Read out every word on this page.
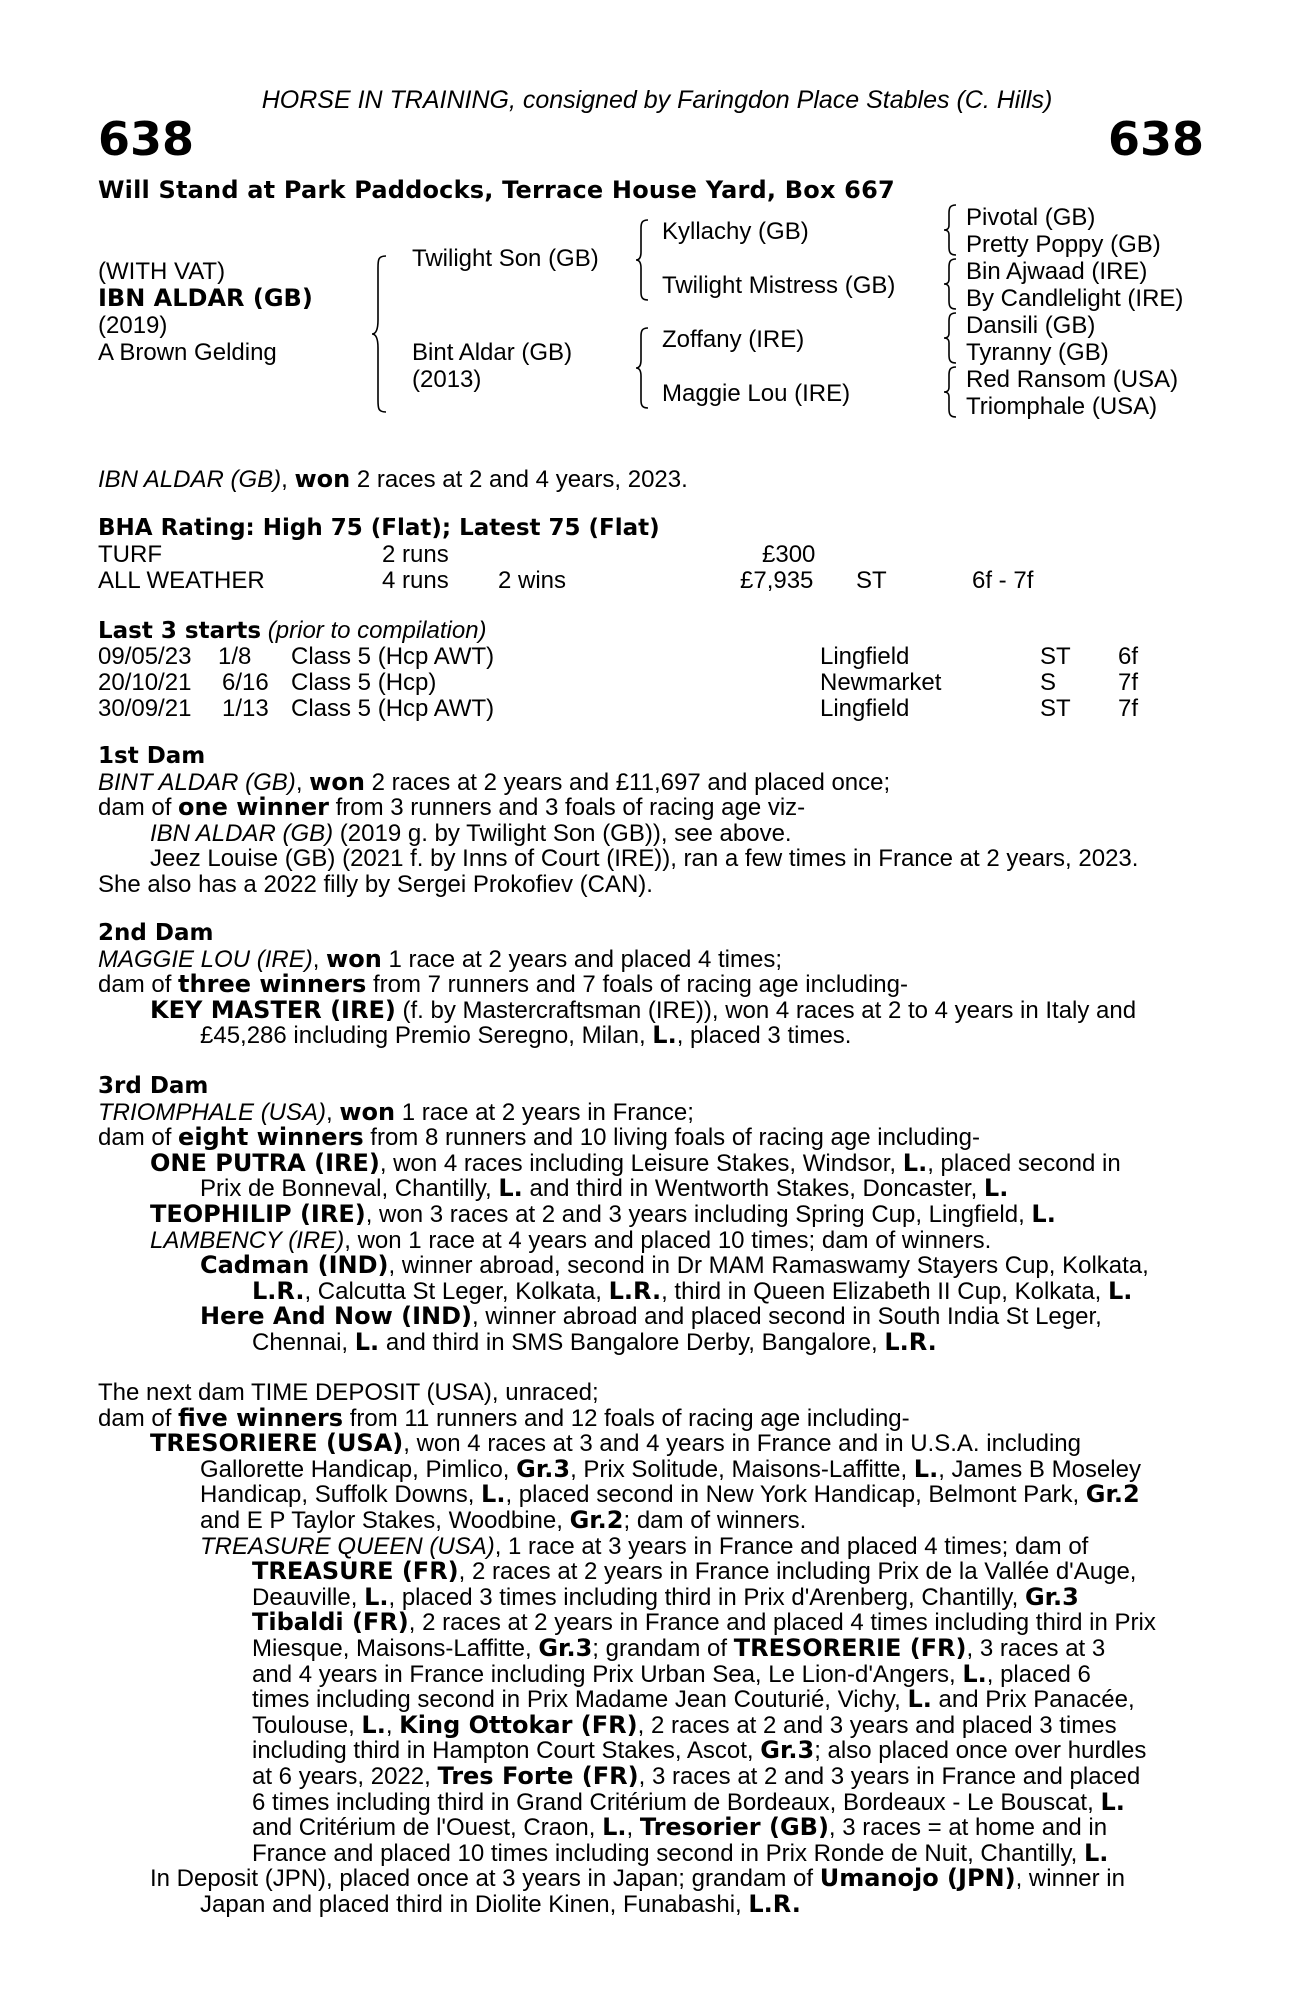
HORSE IN TRAINING, consigned by Faringdon Place Stables (C. Hills)
638	638
Will Stand at Park Paddocks, Terrace House Yard, Box 667
(WITH VAT)
IBN ALDAR (GB)
(2019)
A Brown Gelding
Twilight Son (GB)
Bint Aldar (GB)
(2013)
Kyllachy (GB)
Twilight Mistress (GB)
Zoffany (IRE)
Maggie Lou (IRE)
Pivotal (GB)
Pretty Poppy (GB)
Bin Ajwaad (IRE)
By Candlelight (IRE)
Dansili (GB)
Tyranny (GB)
Red Ransom (USA)
Triomphale (USA)
IBN ALDAR (GB), won 2 races at 2 and 4 years, 2023.
BHA Rating: High 75 (Flat); Latest 75 (Flat)
TURF	2 runs	£300
ALL WEATHER	4 runs 2 wins	£7,935 ST	6f - 7f
Last 3 starts (prior to compilation)
09/05/23 1/8 Class 5 (Hcp AWT)	Lingfield	ST 6f
20/10/21 6/16 Class 5 (Hcp)	Newmarket	S	7f
30/09/21 1/13 Class 5 (Hcp AWT)	Lingfield	ST 7f
1st Dam
BINT ALDAR (GB), won 2 races at 2 years and £11,697 and placed once;
dam of one winner from 3 runners and 3 foals of racing age viz-
IBN ALDAR (GB) (2019 g. by Twilight Son (GB)), see above.
Jeez Louise (GB) (2021 f. by Inns of Court (IRE)), ran a few times in France at 2 years, 2023.
She also has a 2022 filly by Sergei Prokofiev (CAN).
2nd Dam
MAGGIE LOU (IRE), won 1 race at 2 years and placed 4 times;
dam of three winners from 7 runners and 7 foals of racing age including-
KEY MASTER (IRE) (f. by Mastercraftsman (IRE)), won 4 races at 2 to 4 years in Italy and
£45,286 including Premio Seregno, Milan, L., placed 3 times.
3rd Dam
TRIOMPHALE (USA), won 1 race at 2 years in France;
dam of eight winners from 8 runners and 10 living foals of racing age including-
ONE PUTRA (IRE), won 4 races including Leisure Stakes, Windsor, L., placed second in
Prix de Bonneval, Chantilly, L. and third in Wentworth Stakes, Doncaster, L.
TEOPHILIP (IRE), won 3 races at 2 and 3 years including Spring Cup, Lingfield, L.
LAMBENCY (IRE), won 1 race at 4 years and placed 10 times; dam of winners.
Cadman (IND), winner abroad, second in Dr MAM Ramaswamy Stayers Cup, Kolkata,
L.R., Calcutta St Leger, Kolkata, L.R., third in Queen Elizabeth II Cup, Kolkata, L.
Here And Now (IND), winner abroad and placed second in South India St Leger,
Chennai, L. and third in SMS Bangalore Derby, Bangalore, L.R.
The next dam TIME DEPOSIT (USA), unraced;
dam of five winners from 11 runners and 12 foals of racing age including-
TRESORIERE (USA), won 4 races at 3 and 4 years in France and in U.S.A. including
Gallorette Handicap, Pimlico, Gr.3, Prix Solitude, Maisons-Laffitte, L., James B Moseley
Handicap, Suffolk Downs, L., placed second in New York Handicap, Belmont Park, Gr.2
and E P Taylor Stakes, Woodbine, Gr.2; dam of winners.
TREASURE QUEEN (USA), 1 race at 3 years in France and placed 4 times; dam of
TREASURE (FR), 2 races at 2 years in France including Prix de la Vallée d'Auge,
Deauville, L., placed 3 times including third in Prix d'Arenberg, Chantilly, Gr.3
Tibaldi (FR), 2 races at 2 years in France and placed 4 times including third in Prix
Miesque, Maisons-Laffitte, Gr.3; grandam of TRESORERIE (FR), 3 races at 3
and 4 years in France including Prix Urban Sea, Le Lion-d'Angers, L., placed 6
times including second in Prix Madame Jean Couturié, Vichy, L. and Prix Panacée,
Toulouse, L., King Ottokar (FR), 2 races at 2 and 3 years and placed 3 times
including third in Hampton Court Stakes, Ascot, Gr.3; also placed once over hurdles
at 6 years, 2022, Tres Forte (FR), 3 races at 2 and 3 years in France and placed
6 times including third in Grand Critérium de Bordeaux, Bordeaux - Le Bouscat, L.
and Critérium de l'Ouest, Craon, L., Tresorier (GB), 3 races = at home and in
France and placed 10 times including second in Prix Ronde de Nuit, Chantilly, L.
In Deposit (JPN), placed once at 3 years in Japan; grandam of Umanojo (JPN), winner in
Japan and placed third in Diolite Kinen, Funabashi, L.R.
